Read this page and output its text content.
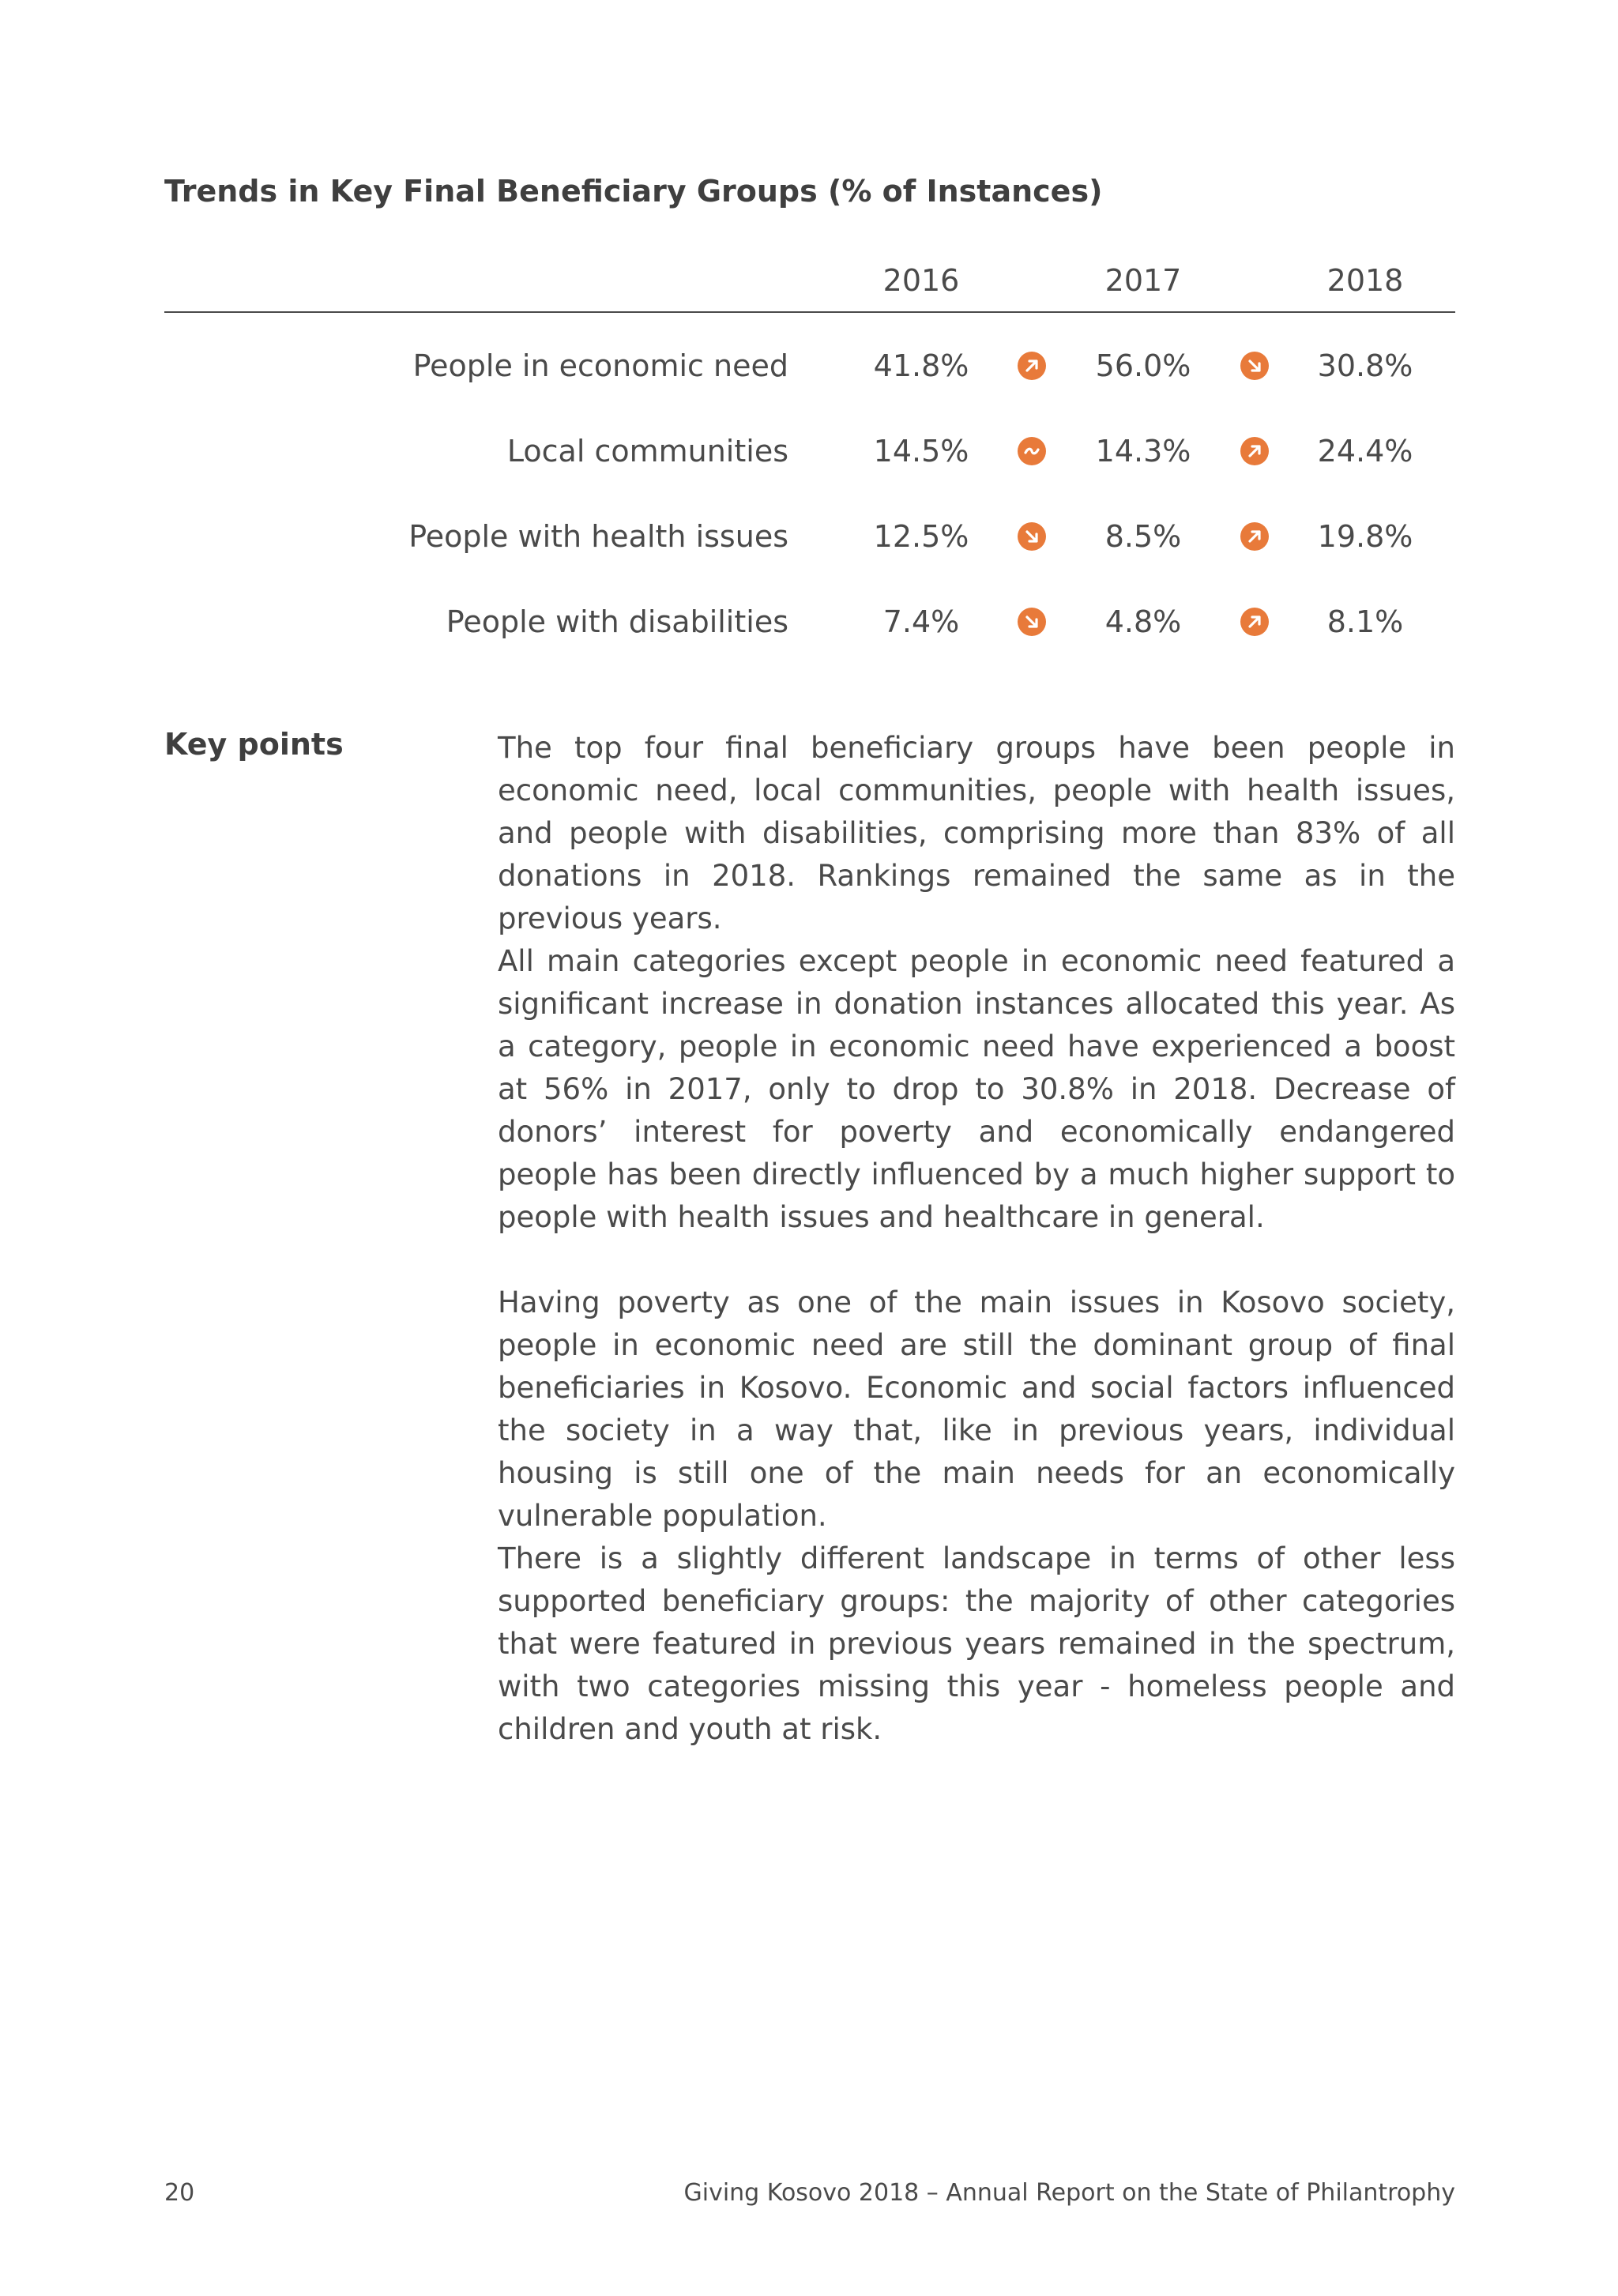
Trends in Key Final Beneficiary Groups (% of Instances)
2016	2017	2018
People in economic need	41.8%	56.0%	30.8%
Local communities	14.5%	14.3%	24.4%
People with health issues	12.5%	8.5%	19.8%
People with disabilities	7.4%	4.8%	8.1%
Key points	The top four final beneficiary groups have been people in economic need, local communities, people with health issues, and people with disabilities, comprising more than 83% of all donations in 2018. Rankings remained the same as in the previous years.

All main categories except people in economic need featured a significant increase in donation instances allocated this year. As a category, people in economic need have experienced a boost at 56% in 2017, only to drop to 30.8% in 2018. Decrease of donors’ interest for poverty and economically endangered people has been directly influenced by a much higher support to people with health issues and healthcare in general.

Having poverty as one of the main issues in Kosovo society, people in economic need are still the dominant group of final beneficiaries in Kosovo. Economic and social factors influenced the society in a way that, like in previous years, individual housing is still one of the main needs for an economically vulnerable population.

There is a slightly different landscape in terms of other less supported beneficiary groups: the majority of other categories that were featured in previous years remained in the spectrum, with two categories missing this year - homeless people and children and youth at risk.

20	Giving Kosovo 2018 – Annual Report on the State of Philantrophy
